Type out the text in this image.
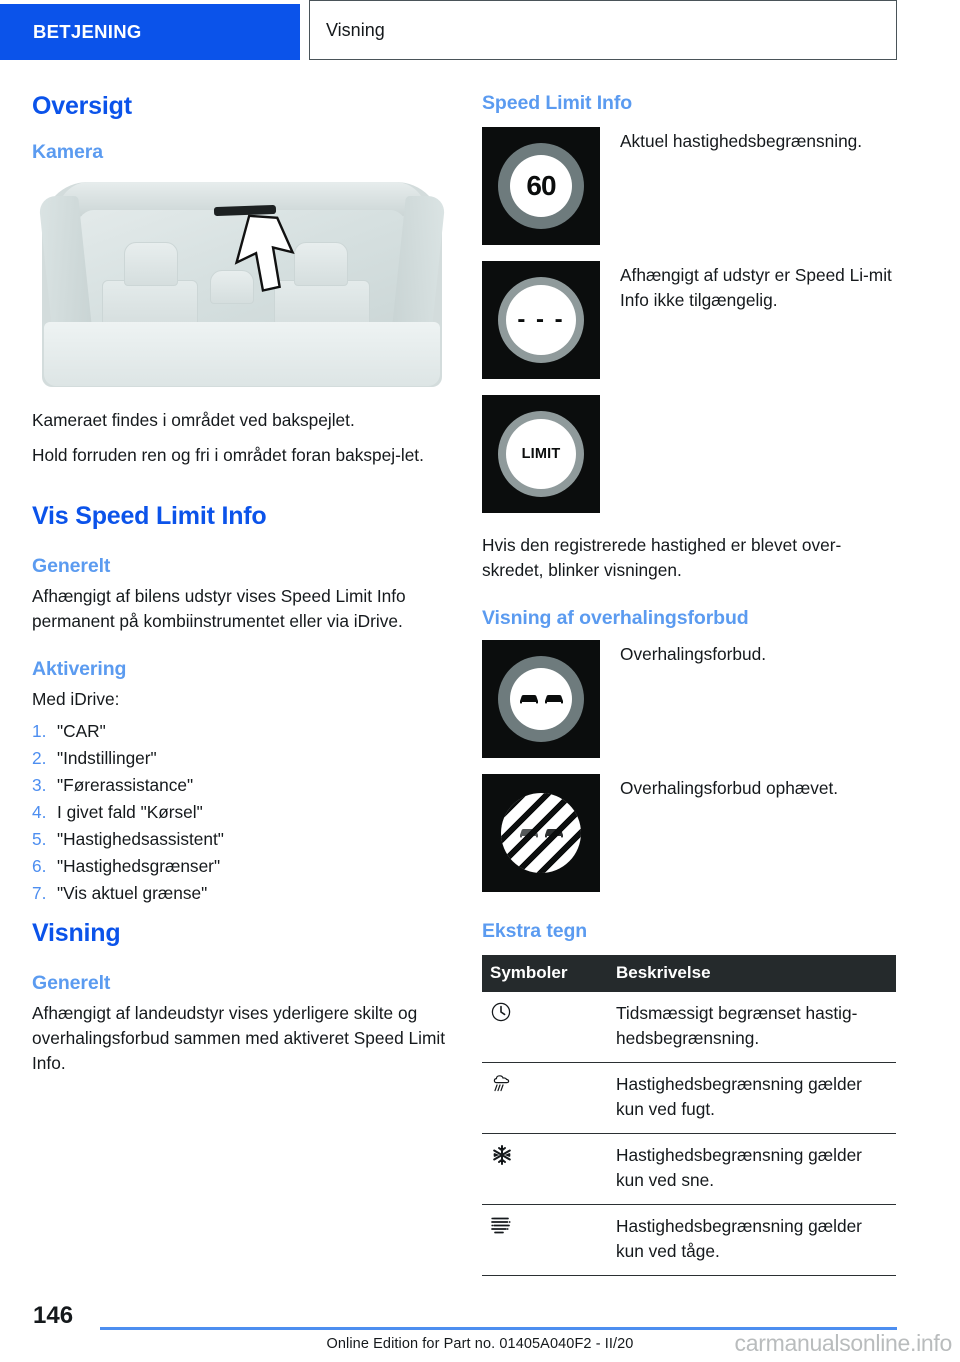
BETJENING	Visning
Oversigt
Kamera

Kameraet findes i området ved bakspejlet.

Hold forruden ren og fri i området foran bakspej-let.

Vis Speed Limit Info
Generelt

Afhængigt af bilens udstyr vises Speed Limit Info permanent på kombiinstrumentet eller via iDrive.

Aktivering

Med iDrive:

1. "CAR"
2. "Indstillinger"
3. "Førerassistance"
4. I givet fald "Kørsel"
5. "Hastighedsassistent"
6. "Hastighedsgrænser"
7. "Vis aktuel grænse"
Visning
Generelt

Afhængigt af landeudstyr vises yderligere skilte og overhalingsforbud sammen med aktiveret Speed Limit Info.

Speed Limit Info
60
Aktuel hastighedsbegrænsning.
- - -
Afhængigt af udstyr er Speed Li-mit Info ikke tilgængelig.
LIMIT

Hvis den registrerede hastighed er blevet over-skredet, blinker visningen.

Visning af overhalingsforbud
Overhalingsforbud.
Overhalingsforbud ophævet.
Ekstra tegn
Symboler	Beskrivelse
	Tidsmæssigt begrænset hastig-hedsbegrænsning.
	Hastighedsbegrænsning gælder kun ved fugt.
	Hastighedsbegrænsning gælder kun ved sne.
	Hastighedsbegrænsning gælder kun ved tåge.
146
Online Edition for Part no. 01405A040F2 - II/20	carmanualsonline.info
